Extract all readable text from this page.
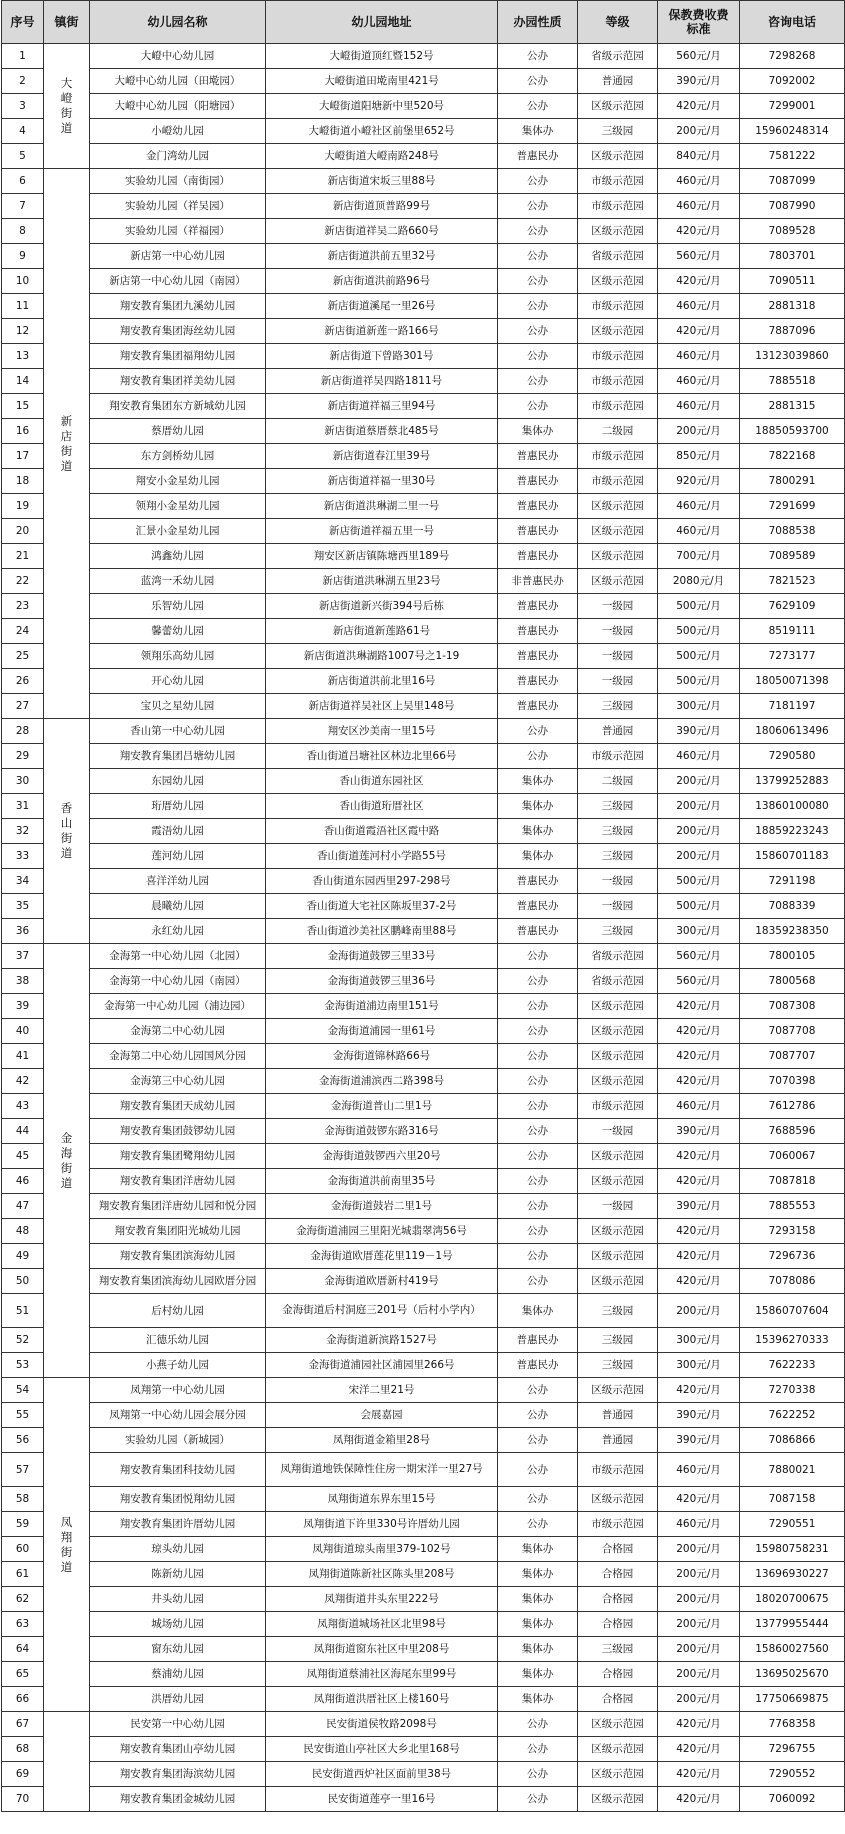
序号	镇街	幼儿园名称	幼儿园地址	办园性质	等级	保教费收费标准	咨询电话
1	大嶝街道	大嶝中心幼儿园	大嶝街道顶红暨152号	公办	省级示范园	560元/月	7298268
2		大嶝中心幼儿园（田墘园）	大嶝街道田墘南里421号	公办	普通园	390元/月	7092002
3		大嶝中心幼儿园（阳塘园）	大嶝街道阳塘新中里520号	公办	区级示范园	420元/月	7299001
4		小嶝幼儿园	大嶝街道小嶝社区前堡里652号	集体办	三级园	200元/月	15960248314
5		金门湾幼儿园	大嶝街道大嶝南路248号	普惠民办	区级示范园	840元/月	7581222
6	新店街道	实验幼儿园（南街园）	新店街道宋坂三里88号	公办	市级示范园	460元/月	7087099
7		实验幼儿园（祥吴园）	新店街道顶普路99号	公办	市级示范园	460元/月	7087990
8		实验幼儿园（祥福园）	新店街道祥吴二路660号	公办	区级示范园	420元/月	7089528
9		新店第一中心幼儿园	新店街道洪前五里32号	公办	省级示范园	560元/月	7803701
10		新店第一中心幼儿园（南园）	新店街道洪前路96号	公办	区级示范园	420元/月	7090511
11		翔安教育集团九溪幼儿园	新店街道溪尾一里26号	公办	市级示范园	460元/月	2881318
12		翔安教育集团海丝幼儿园	新店街道新莲一路166号	公办	区级示范园	420元/月	7887096
13		翔安教育集团福翔幼儿园	新店街道下曾路301号	公办	市级示范园	460元/月	13123039860
14		翔安教育集团祥美幼儿园	新店街道祥吴四路1811号	公办	市级示范园	460元/月	7885518
15		翔安教育集团东方新城幼儿园	新店街道祥福三里94号	公办	市级示范园	460元/月	2881315
16		蔡厝幼儿园	新店街道蔡厝蔡北485号	集体办	二级园	200元/月	18850593700
17		东方剑桥幼儿园	新店街道春江里39号	普惠民办	市级示范园	850元/月	7822168
18		翔安小金星幼儿园	新店街道祥福一里30号	普惠民办	市级示范园	920元/月	7800291
19		领翔小金星幼儿园	新店街道洪琳湖二里一号	普惠民办	区级示范园	460元/月	7291699
20		汇景小金星幼儿园	新店街道祥福五里一号	普惠民办	区级示范园	460元/月	7088538
21		鸿鑫幼儿园	翔安区新店镇陈塘西里189号	普惠民办	区级示范园	700元/月	7089589
22		蓝湾一禾幼儿园	新店街道洪琳湖五里23号	非普惠民办	区级示范园	2080元/月	7821523
23		乐智幼儿园	新店街道新兴街394号后栋	普惠民办	一级园	500元/月	7629109
24		馨蕾幼儿园	新店街道新莲路61号	普惠民办	一级园	500元/月	8519111
25		领翔乐高幼儿园	新店街道洪琳湖路1007号之1-19	普惠民办	一级园	500元/月	7273177
26		开心幼儿园	新店街道洪前北里16号	普惠民办	一级园	500元/月	18050071398
27		宝贝之星幼儿园	新店街道祥吴社区上吴里148号	普惠民办	三级园	300元/月	7181197
28	香山街道	香山第一中心幼儿园	翔安区沙美南一里15号	公办	普通园	390元/月	18060613496
29		翔安教育集团吕塘幼儿园	香山街道吕塘社区林边北里66号	公办	市级示范园	460元/月	7290580
30		东园幼儿园	香山街道东园社区	集体办	二级园	200元/月	13799252883
31		珩厝幼儿园	香山街道珩厝社区	集体办	三级园	200元/月	13860100080
32		霞浯幼儿园	香山街道霞浯社区霞中路	集体办	三级园	200元/月	18859223243
33		莲河幼儿园	香山街道莲河村小学路55号	集体办	三级园	200元/月	15860701183
34		喜洋洋幼儿园	香山街道东园西里297-298号	普惠民办	一级园	500元/月	7291198
35		晨曦幼儿园	香山街道大宅社区陈坂里37-2号	普惠民办	一级园	500元/月	7088339
36		永红幼儿园	香山街道沙美社区鹏峰南里88号	普惠民办	三级园	300元/月	18359238350
37	金海街道	金海第一中心幼儿园（北园）	金海街道鼓锣三里33号	公办	省级示范园	560元/月	7800105
38		金海第一中心幼儿园（南园）	金海街道鼓锣三里36号	公办	省级示范园	560元/月	7800568
39		金海第一中心幼儿园（浦边园）	金海街道浦边南里151号	公办	区级示范园	420元/月	7087308
40		金海第二中心幼儿园	金海街道浦园一里61号	公办	区级示范园	420元/月	7087708
41		金海第二中心幼儿园国风分园	金海街道锦林路66号	公办	区级示范园	420元/月	7087707
42		金海第三中心幼儿园	金海街道浦滨西二路398号	公办	区级示范园	420元/月	7070398
43		翔安教育集团天成幼儿园	金海街道普山二里1号	公办	市级示范园	460元/月	7612786
44		翔安教育集团鼓锣幼儿园	金海街道鼓锣东路316号	公办	一级园	390元/月	7688596
45		翔安教育集团鹭翔幼儿园	金海街道鼓锣西六里20号	公办	区级示范园	420元/月	7060067
46		翔安教育集团洋唐幼儿园	金海街道洪前南里35号	公办	区级示范园	420元/月	7087818
47		翔安教育集团洋唐幼儿园和悦分园	金海街道鼓岩二里1号	公办	一级园	390元/月	7885553
48		翔安教育集团阳光城幼儿园	金海街道浦园三里阳光城翡翠湾56号	公办	区级示范园	420元/月	7293158
49		翔安教育集团滨海幼儿园	金海街道欧厝莲花里119－1号	公办	区级示范园	420元/月	7296736
50		翔安教育集团滨海幼儿园欧厝分园	金海街道欧厝新村419号	公办	区级示范园	420元/月	7078086
51		后村幼儿园	金海街道后村洞庭三201号（后村小学内）	集体办	三级园	200元/月	15860707604
52		汇德乐幼儿园	金海街道新滨路1527号	普惠民办	三级园	300元/月	15396270333
53		小燕子幼儿园	金海街道浦园社区浦园里266号	普惠民办	三级园	300元/月	7622233
54	凤翔街道	凤翔第一中心幼儿园	宋洋二里21号	公办	区级示范园	420元/月	7270338
55		凤翔第一中心幼儿园会展分园	会展嘉园	公办	普通园	390元/月	7622252
56		实验幼儿园（新城园）	凤翔街道金箱里28号	公办	普通园	390元/月	7086866
57		翔安教育集团科技幼儿园	凤翔街道地铁保障性住房一期宋洋一里27号	公办	市级示范园	460元/月	7880021
58		翔安教育集团悦翔幼儿园	凤翔街道东界东里15号	公办	区级示范园	420元/月	7087158
59		翔安教育集团许厝幼儿园	凤翔街道下许里330号许厝幼儿园	公办	市级示范园	460元/月	7290551
60		琼头幼儿园	凤翔街道琼头南里379-102号	集体办	合格园	200元/月	15980758231
61		陈新幼儿园	凤翔街道陈新社区陈头里208号	集体办	合格园	200元/月	13696930227
62		井头幼儿园	凤翔街道井头东里222号	集体办	合格园	200元/月	18020700675
63		城场幼儿园	凤翔街道城场社区北里98号	集体办	合格园	200元/月	13779955444
64		窗东幼儿园	凤翔街道窗东社区中里208号	集体办	三级园	200元/月	15860027560
65		蔡浦幼儿园	凤翔街道蔡浦社区海尾东里99号	集体办	合格园	200元/月	13695025670
66		洪厝幼儿园	凤翔街道洪厝社区上楼160号	集体办	合格园	200元/月	17750669875
67		民安第一中心幼儿园	民安街道侯牧路2098号	公办	区级示范园	420元/月	7768358
68		翔安教育集团山亭幼儿园	民安街道山亭社区大乡北里168号	公办	区级示范园	420元/月	7296755
69		翔安教育集团海滨幼儿园	民安街道西炉社区面前里38号	公办	区级示范园	420元/月	7290552
70		翔安教育集团金城幼儿园	民安街道莲亭一里16号	公办	区级示范园	420元/月	7060092
